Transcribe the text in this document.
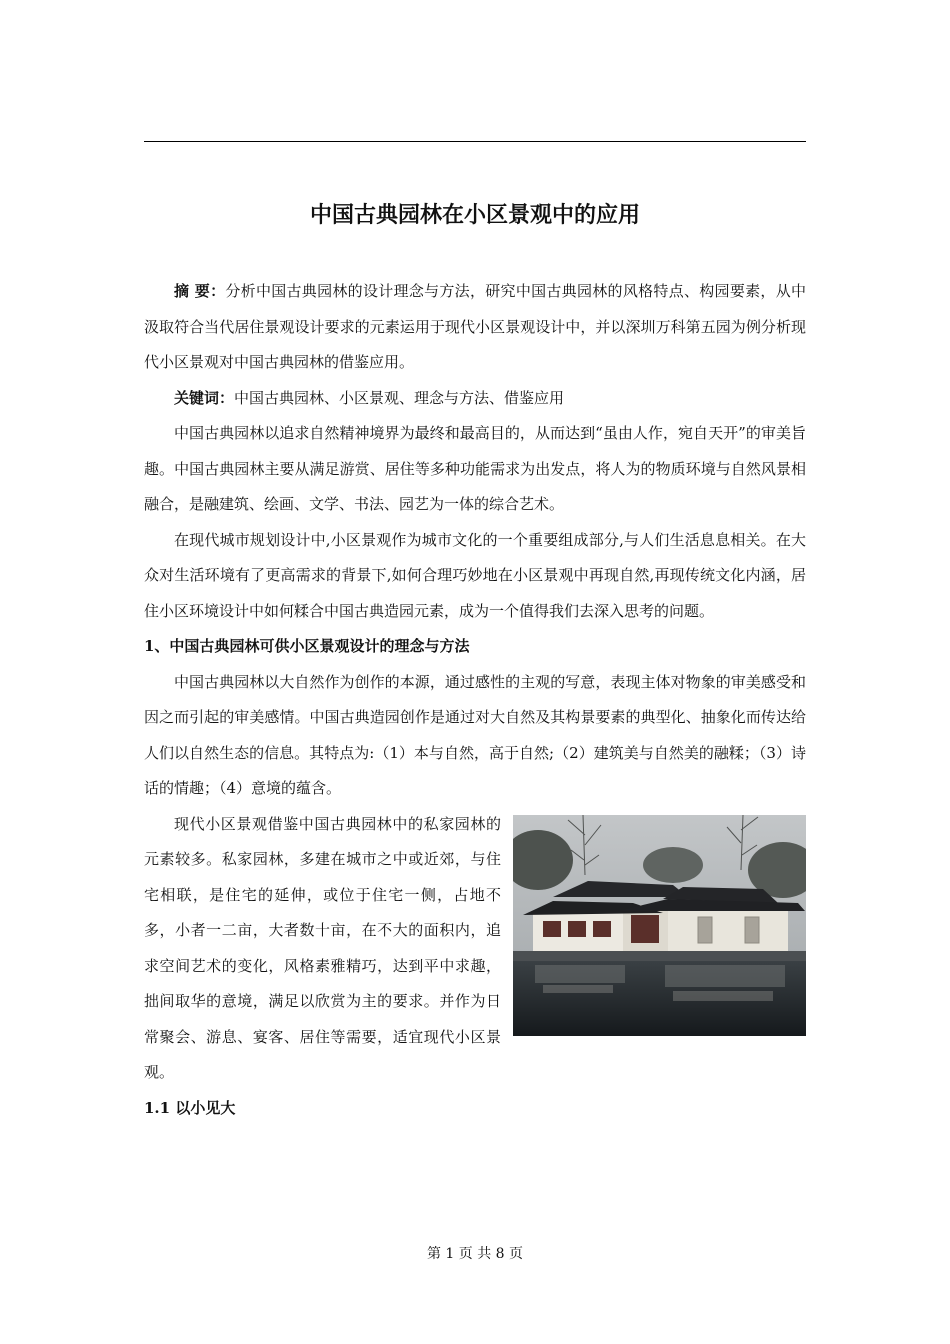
中国古典园林在小区景观中的应用

摘 要：分析中国古典园林的设计理念与方法，研究中国古典园林的风格特点、构园要素，从中汲取符合当代居住景观设计要求的元素运用于现代小区景观设计中，并以深圳万科第五园为例分析现代小区景观对中国古典园林的借鉴应用。

关键词：中国古典园林、小区景观、理念与方法、借鉴应用

中国古典园林以追求自然精神境界为最终和最高目的，从而达到“虽由人作，宛自天开”的审美旨趣。中国古典园林主要从满足游赏、居住等多种功能需求为出发点，将人为的物质环境与自然风景相融合，是融建筑、绘画、文学、书法、园艺为一体的综合艺术。

在现代城市规划设计中,小区景观作为城市文化的一个重要组成部分,与人们生活息息相关。在大众对生活环境有了更高需求的背景下,如何合理巧妙地在小区景观中再现自然,再现传统文化内涵，居住小区环境设计中如何糅合中国古典造园元素，成为一个值得我们去深入思考的问题。

1、中国古典园林可供小区景观设计的理念与方法

中国古典园林以大自然作为创作的本源，通过感性的主观的写意，表现主体对物象的审美感受和因之而引起的审美感情。中国古典造园创作是通过对大自然及其构景要素的典型化、抽象化而传达给人们以自然生态的信息。其特点为:（1）本与自然，高于自然;（2）建筑美与自然美的融糅；（3）诗话的情趣；（4）意境的蕴含。

现代小区景观借鉴中国古典园林中的私家园林的元素较多。私家园林，多建在城市之中或近郊，与住宅相联，是住宅的延伸，或位于住宅一侧，占地不多，小者一二亩，大者数十亩，在不大的面积内，追求空间艺术的变化，风格素雅精巧，达到平中求趣，拙间取华的意境，满足以欣赏为主的要求。并作为日常聚会、游息、宴客、居住等需要，适宜现代小区景观。

1.1 以小见大

第 1 页 共 8 页
